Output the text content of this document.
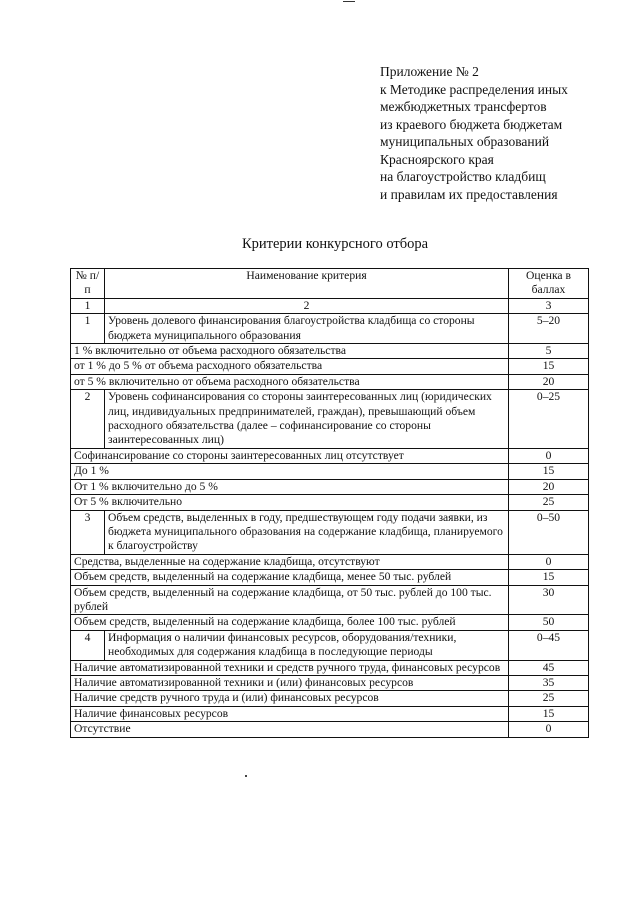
Приложение № 2
к Методике распределения иных
межбюджетных трансфертов
из краевого бюджета бюджетам
муниципальных образований
Красноярского края
на благоустройство кладбищ
и правилам их предоставления
Критерии конкурсного отбора
№ п/п	Наименование критерия	Оценка в баллах
1	2	3
1	Уровень долевого финансирования благоустройства кладбища со стороны бюджета муниципального образования	5–20
1 % включительно от объема расходного обязательства		5
от 1 % до 5 % от объема расходного обязательства		15
от 5 % включительно от объема расходного обязательства		20
2	Уровень софинансирования со стороны заинтересованных лиц (юридических лиц, индивидуальных предпринимателей, граждан), превышающий объем расходного обязательства (далее – софинансирование со стороны заинтересованных лиц)	0–25
Софинансирование со стороны заинтересованных лиц отсутствует		0
До 1 %		15
От 1 % включительно до 5 %		20
От 5 % включительно		25
3	Объем средств, выделенных в году, предшествующем году подачи заявки, из бюджета муниципального образования на содержание кладбища, планируемого к благоустройству	0–50
Средства, выделенные на содержание кладбища, отсутствуют		0
Объем средств, выделенный на содержание кладбища, менее 50 тыс. рублей		15
Объем средств, выделенный на содержание кладбища, от 50 тыс. рублей до 100 тыс. рублей		30
Объем средств, выделенный на содержание кладбища, более 100 тыс. рублей		50
4	Информация о наличии финансовых ресурсов, оборудования/техники, необходимых для содержания кладбища в последующие периоды	0–45
Наличие автоматизированной техники и средств ручного труда, финансовых ресурсов		45
Наличие автоматизированной техники и (или) финансовых ресурсов		35
Наличие средств ручного труда и (или) финансовых ресурсов		25
Наличие финансовых ресурсов		15
Отсутствие		0
